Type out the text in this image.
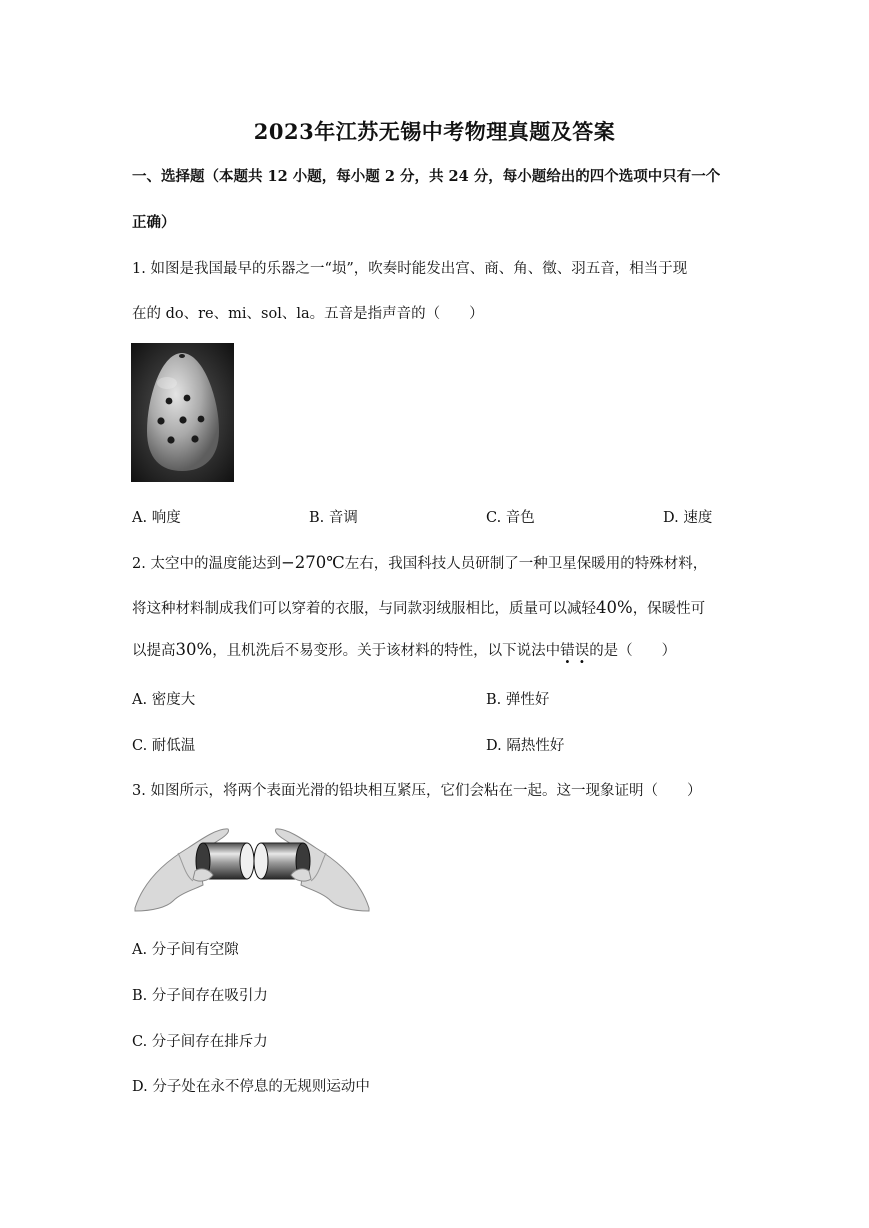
2023年江苏无锡中考物理真题及答案
一、选择题（本题共 12 小题，每小题 2 分，共 24 分，每小题给出的四个选项中只有一个
正确）
1. 如图是我国最早的乐器之一“埙”，吹奏时能发出宫、商、角、徵、羽五音，相当于现
在的 do、re、mi、sol、la。五音是指声音的（　　）
A. 响度	B. 音调	C. 音色	D. 速度
2. 太空中的温度能达到−270℃左右，我国科技人员研制了一种卫星保暖用的特殊材料，
将这种材料制成我们可以穿着的衣服，与同款羽绒服相比，质量可以减轻40%，保暖性可
以提高30%，且机洗后不易变形。关于该材料的特性，以下说法中错误的是（　　）
A. 密度大	B. 弹性好
C. 耐低温	D. 隔热性好
3. 如图所示，将两个表面光滑的铅块相互紧压，它们会粘在一起。这一现象证明（　　）
A. 分子间有空隙
B. 分子间存在吸引力
C. 分子间存在排斥力
D. 分子处在永不停息的无规则运动中
